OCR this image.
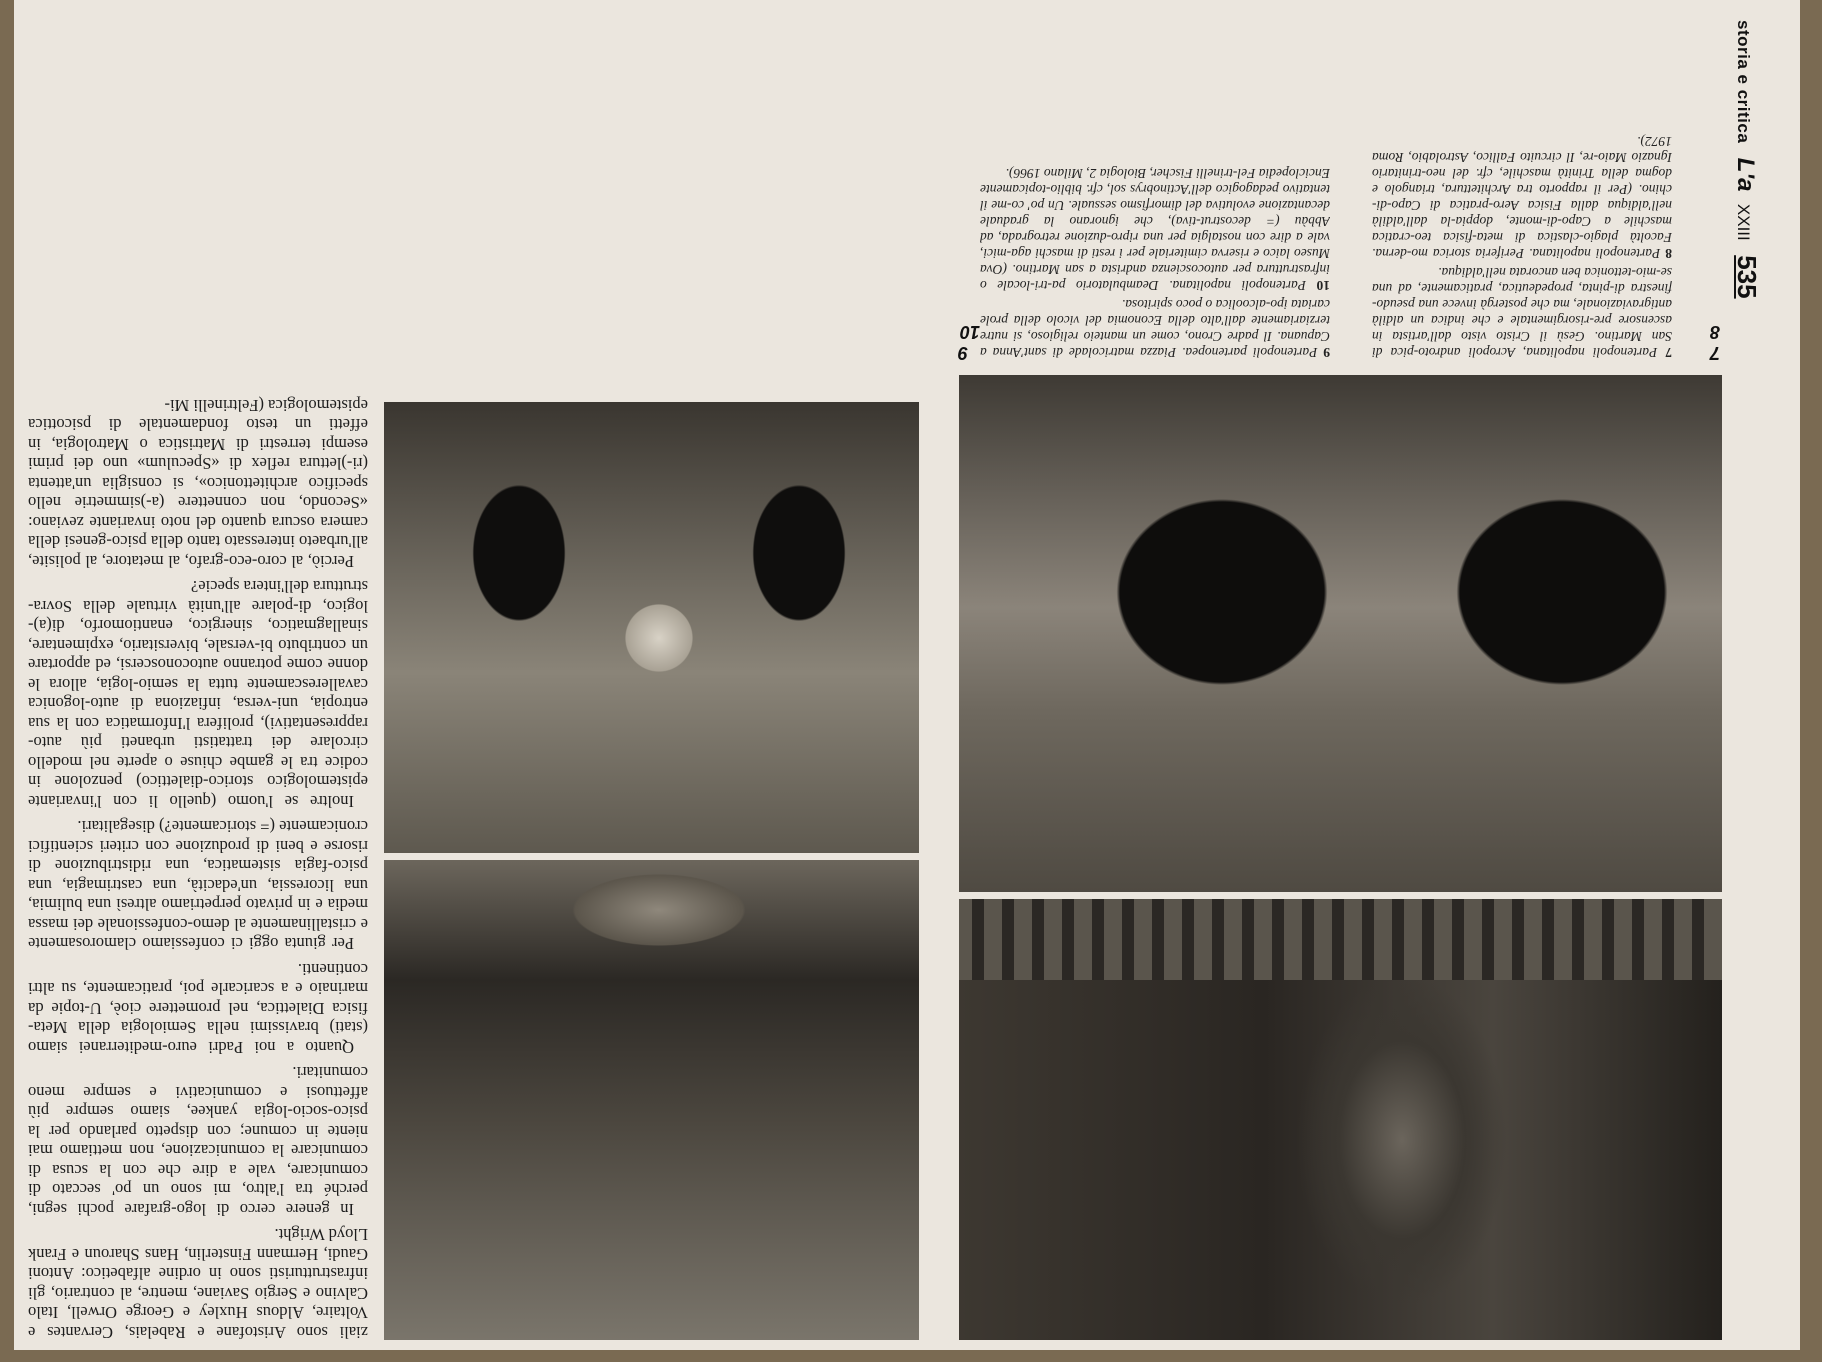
storia e critica L'a XXIII 535
7
8
9
10

7 Partenopoli napolitana, Acropoli androto-pica di San Martino. Gesù il Cristo visto dall'artista in ascensore pre-risorgimentale e che indica un aldilà antigraviazionale, ma che postergà invece una pseudo-finestra di-pinta, propedeutica, praticamente, ad una se-mio-tettonica ben ancorata nell'aldiqua.

8 Partenopoli napolitana. Periferia storica mo-derna. Facoltà plagio-clastica di meta-fisica teo-cratica maschile a Capo-di-monte, doppia-la dall'aldilà nell'aldiqua dalla Fisica Aero-pratica di Capo-di-chino. (Per il rapporto tra Architettura, triangolo e dogma della Trinità maschile, cfr. del neo-trinitario Ignazio Maio-re, Il circuito Fallico, Astrolabio, Roma 1972).

9 Partenopoli partenopea. Piazza matricolade di sant'Anna a Capuana. Il padre Crono, come un manteio religioso, si nutre terziariamente dall'alto della Economia del vicolo della prole cariata ipo-alcoolica o poco spiritosa.

10 Partenopoli napolitana. Deambulatorio pa-tri-locale o infrastruttura per autocoscienza andrista a san Martino. (Ova Museo laico e riserva cimiteriale per i resti di maschi aga-mici, vale a dire con nostalgia per una ripro-duzione retrograda, ad Abbàu (= decostrut-tiva), che ignorano la graduale decantazione evolutiva del dimorfismo sessuale. Un po' co-me il tentativo pedagogico dell'Actinobrys sol, cfr. biblio-topicamente Enciclopedia Fel-trinelli Fischer, Biologia 2, Milano 1966).

ziali sono Aristofane e Rabelais, Cervantes e Voltaire, Aldous Huxley e George Orwell, Italo Calvino e Sergio Saviane, mentre, al contrario, gli infrastrutturisti sono in ordine alfabetico: Antoni Gaudi, Hermann Finsterlin, Hans Sharoun e Frank Lloyd Wright.

In genere cerco di logo-grafare pochi segni, perché tra l'altro, mi sono un po' seccato di comunicare, vale a dire che con la scusa di comunicare la comunicazione, non mettiamo mai niente in comune; con dispetto parlando per la psico-socio-logia yankee, siamo sempre più affettuosi e comunicativi e sempre meno comunitari.

Quanto a noi Padri euro-mediterranei siamo (stati) bravissimi nella Semiologia della Meta-fisica Dialettica, nel prometterе cioè, U-topie da marinaio e a scaricarle poi, praticamente, su altri continenti.

Per giunta oggi ci confessiamo clamorosamente e cristallinamente al demo-confessionale dei massa media e in privato perpetriamo altresì una bulimia, una licoressia, un'edacità, una castrimagia, una psico-fagia sistematica, una ridistribuzione di risorse e beni di produzione con criteri scientifici cronicamente (= storicamente?) disegalitari.

Inoltre se l'uomo (quello li con l'invariante epistemologico storico-dialettico) penzolone in codice tra le gambe chiuse o aperte nel modello circolare dei trattatisti urbaneti più auto-rappresentativi), prolifera l'Informatica con la sua entropia, uni-versa, infiaziona di auto-logonica cavallerescamente tutta la semio-logia, allora le donne come potranno autoconoscersi, ed apportare un contributo bi-versale, biversitario, expimentare, sinallagmatico, sinergico, enantiomorfo, di(a)-logico, di-polare all'unità virtuale della Sovra-struttura dell'intera specie?

Perciò, al coro-eco-grafo, al metatore, al polisite, all'urbaeto interessato tanto della psico-genesi della camera oscura quanto del noto invariante zeviano: «Secondo, non connettere (a-)simmetrie nello specifico architettonico», si consiglia un'attenta (ri-)lettura reflex di «Speculum» uno dei primi esempi terrestri di Matristica o Matrologia, in effetti un testo fondamentale di psicottica epistemologica (Feltrinelli Mi-
